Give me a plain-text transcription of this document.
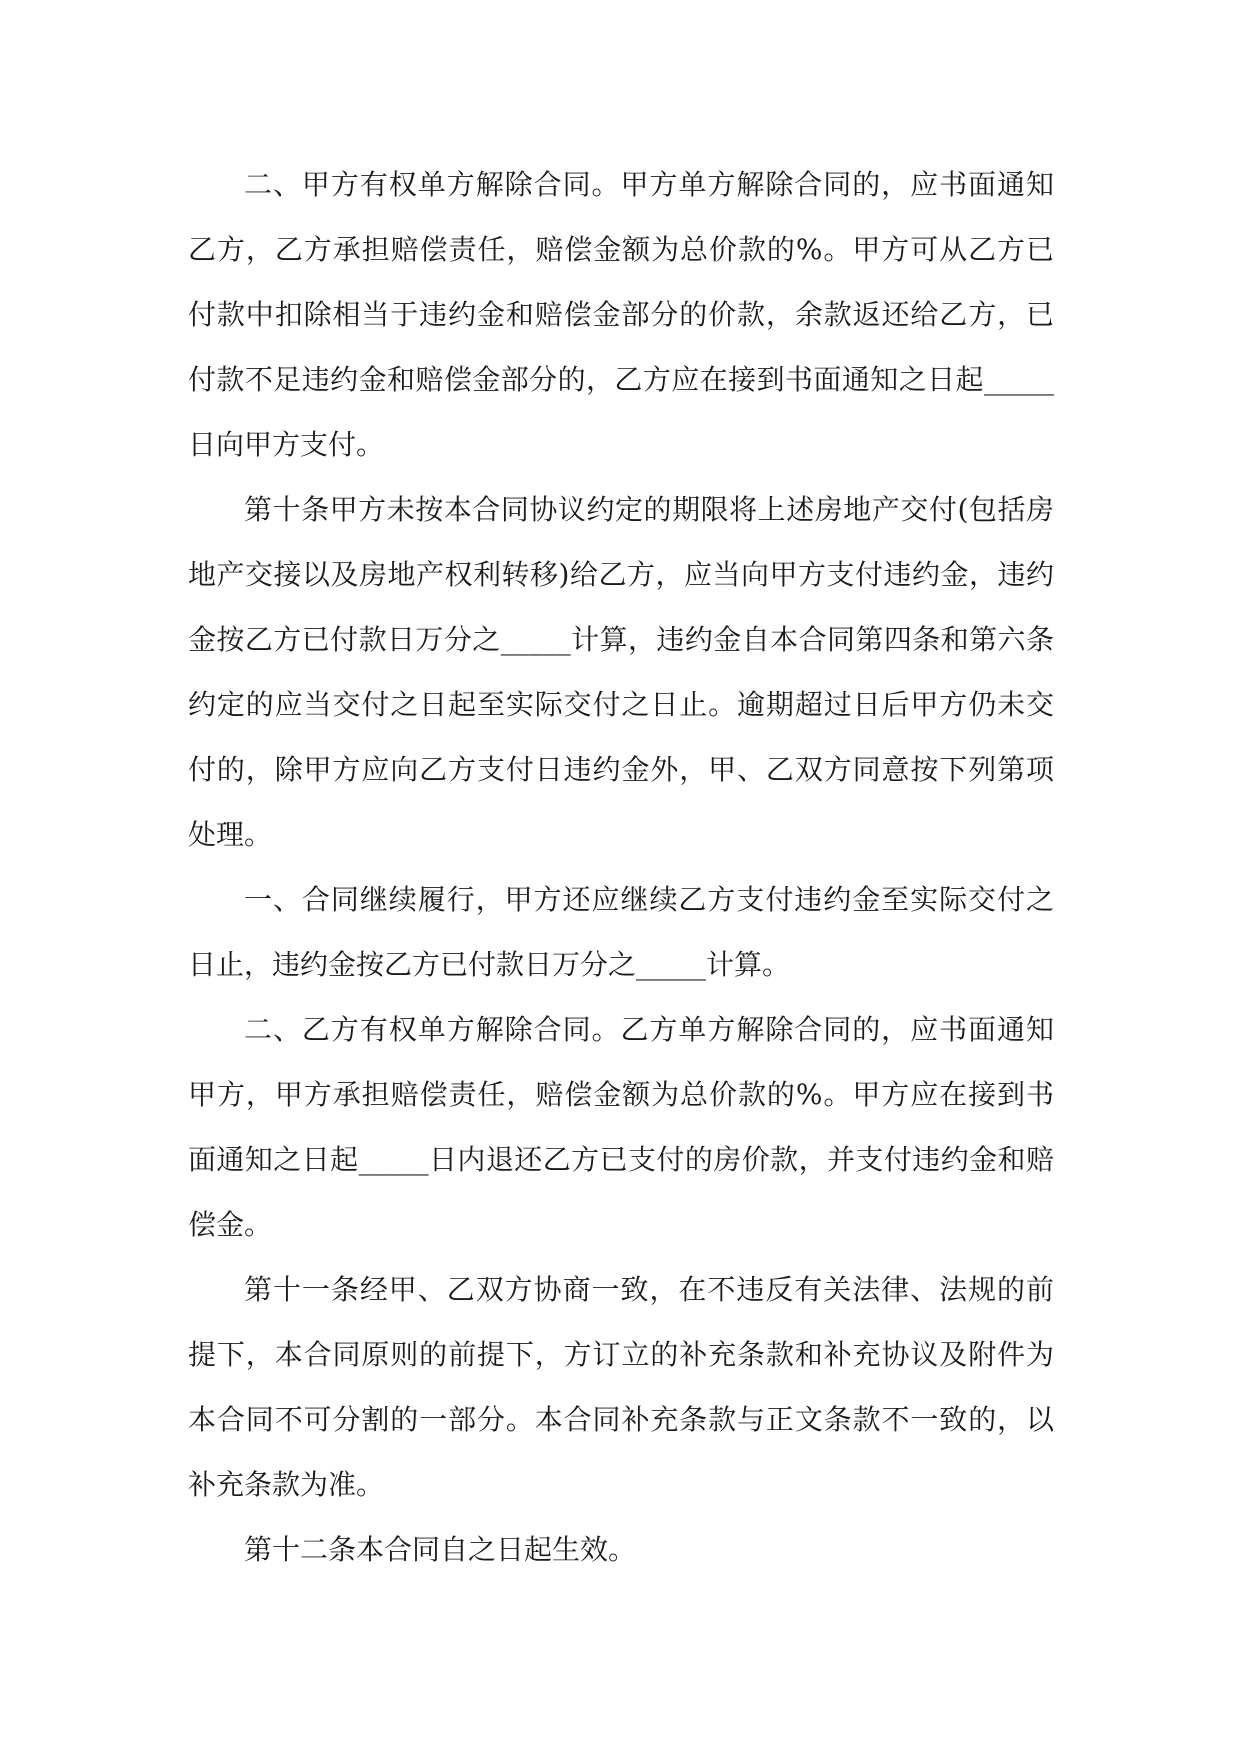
二、甲方有权单方解除合同。甲方单方解除合同的，应书面通知乙方，乙方承担赔偿责任，赔偿金额为总价款的%。甲方可从乙方已付款中扣除相当于违约金和赔偿金部分的价款，余款返还给乙方，已付款不足违约金和赔偿金部分的，乙方应在接到书面通知之日起_____日向甲方支付。

第十条甲方未按本合同协议约定的期限将上述房地产交付(包括房地产交接以及房地产权利转移)给乙方，应当向甲方支付违约金，违约金按乙方已付款日万分之_____计算，违约金自本合同第四条和第六条约定的应当交付之日起至实际交付之日止。逾期超过日后甲方仍未交付的，除甲方应向乙方支付日违约金外，甲、乙双方同意按下列第项处理。

一、合同继续履行，甲方还应继续乙方支付违约金至实际交付之日止，违约金按乙方已付款日万分之_____计算。

二、乙方有权单方解除合同。乙方单方解除合同的，应书面通知甲方，甲方承担赔偿责任，赔偿金额为总价款的%。甲方应在接到书面通知之日起_____日内退还乙方已支付的房价款，并支付违约金和赔偿金。

第十一条经甲、乙双方协商一致，在不违反有关法律、法规的前提下，本合同原则的前提下，方订立的补充条款和补充协议及附件为本合同不可分割的一部分。本合同补充条款与正文条款不一致的，以补充条款为准。

第十二条本合同自之日起生效。
